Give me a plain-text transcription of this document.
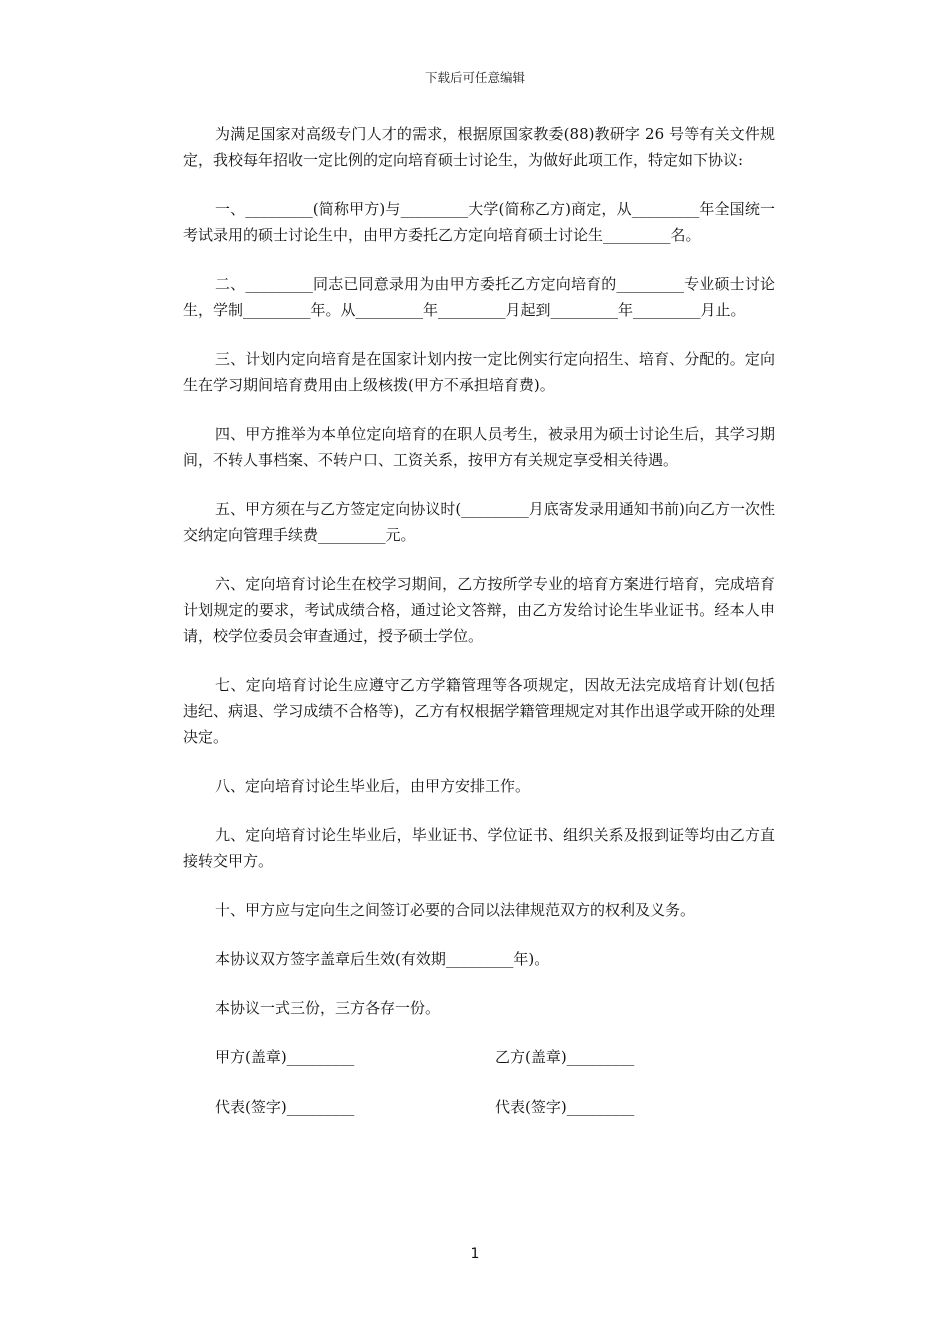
下载后可任意编辑

为满足国家对高级专门人才的需求，根据原国家教委(88)教研字 26 号等有关文件规定，我校每年招收一定比例的定向培育硕士讨论生，为做好此项工作，特定如下协议:

一、_________(简称甲方)与_________大学(简称乙方)商定，从_________年全国统一考试录用的硕士讨论生中，由甲方委托乙方定向培育硕士讨论生_________名。

二、_________同志已同意录用为由甲方委托乙方定向培育的_________专业硕士讨论生，学制_________年。从_________年_________月起到_________年_________月止。

三、计划内定向培育是在国家计划内按一定比例实行定向招生、培育、分配的。定向生在学习期间培育费用由上级核拨(甲方不承担培育费)。

四、甲方推举为本单位定向培育的在职人员考生，被录用为硕士讨论生后，其学习期间，不转人事档案、不转户口、工资关系，按甲方有关规定享受相关待遇。

五、甲方须在与乙方签定定向协议时(_________月底寄发录用通知书前)向乙方一次性交纳定向管理手续费_________元。

六、定向培育讨论生在校学习期间，乙方按所学专业的培育方案进行培育，完成培育计划规定的要求，考试成绩合格，通过论文答辩，由乙方发给讨论生毕业证书。经本人申请，校学位委员会审查通过，授予硕士学位。

七、定向培育讨论生应遵守乙方学籍管理等各项规定，因故无法完成培育计划(包括违纪、病退、学习成绩不合格等)，乙方有权根据学籍管理规定对其作出退学或开除的处理决定。

八、定向培育讨论生毕业后，由甲方安排工作。

九、定向培育讨论生毕业后，毕业证书、学位证书、组织关系及报到证等均由乙方直接转交甲方。

十、甲方应与定向生之间签订必要的合同以法律规范双方的权利及义务。

本协议双方签字盖章后生效(有效期_________年)。

本协议一式三份，三方各存一份。

甲方(盖章)_________	乙方(盖章)_________
代表(签字)_________	代表(签字)_________
1
